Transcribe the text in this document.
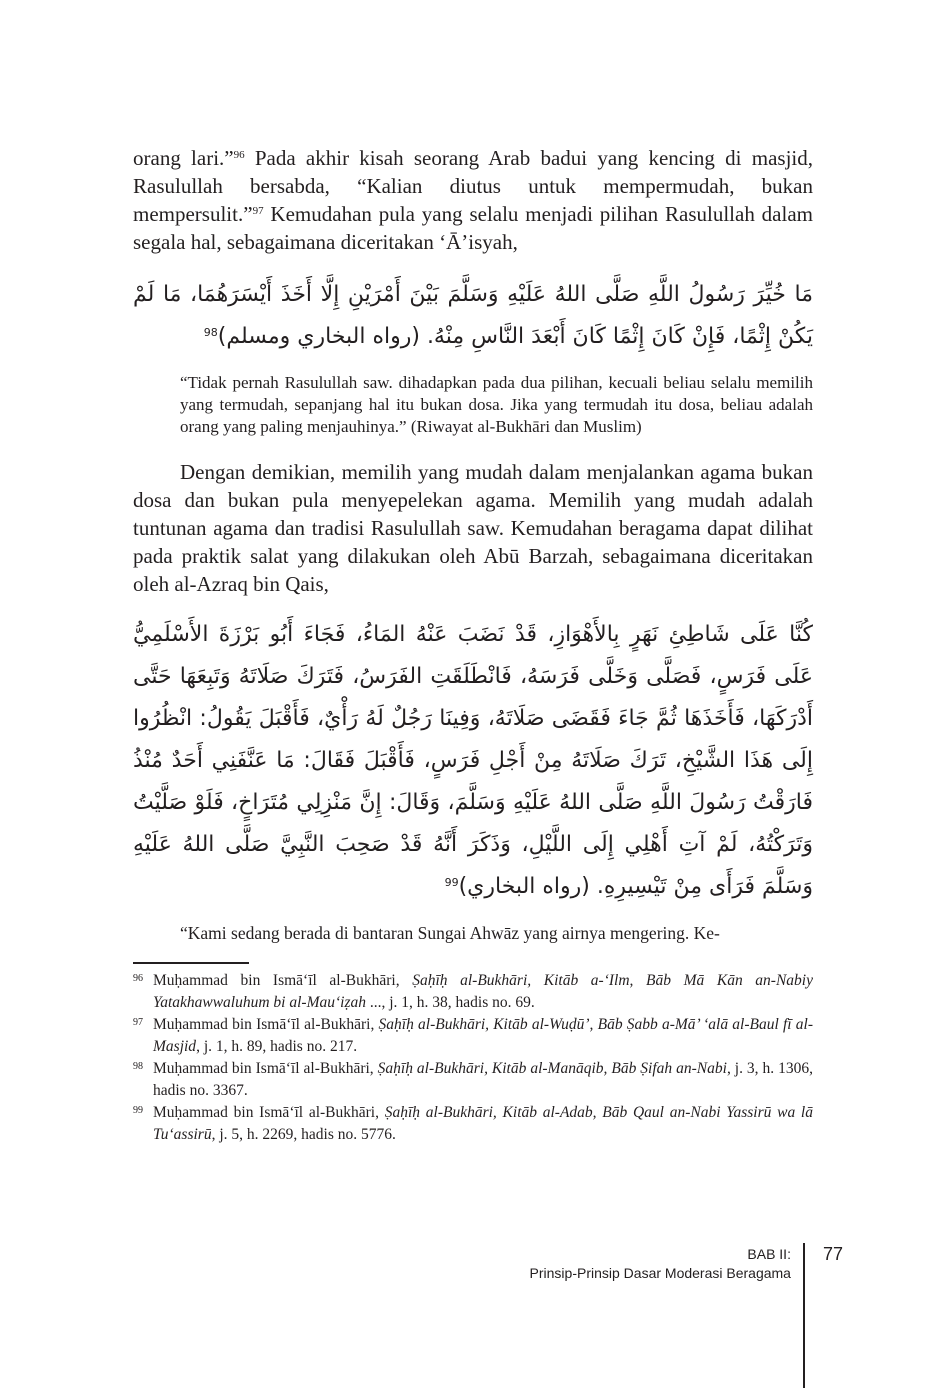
orang lari.”$^{96}$ Pada akhir kisah seorang Arab badui yang kencing di masjid, Rasulullah bersabda, “Kalian diutus untuk mempermudah, bukan mempersulit.”$^{97}$ Kemudahan pula yang selalu menjadi pilihan Rasulullah dalam segala hal, sebagaimana diceritakan ‘Ā’isyah,

مَا خُيِّرَ رَسُولُ اللَّهِ صَلَّى اللهُ عَلَيْهِ وَسَلَّمَ بَيْنَ أَمْرَيْنِ إِلَّا أَخَذَ أَيْسَرَهُمَا، مَا لَمْ يَكُنْ إِثْمًا، فَإِنْ كَانَ إِثْمًا كَانَ أَبْعَدَ النَّاسِ مِنْهُ. (رواه البخاري ومسلم)$^{98}$

“Tidak pernah Rasulullah saw. dihadapkan pada dua pilihan, kecuali beliau selalu memilih yang termudah, sepanjang hal itu bukan dosa. Jika yang termudah itu dosa, beliau adalah orang yang paling menjauhinya.” (Riwayat al-Bukhāri dan Muslim)

Dengan demikian, memilih yang mudah dalam menjalankan agama bukan dosa dan bukan pula menyepelekan agama. Memilih yang mudah adalah tuntunan agama dan tradisi Rasulullah saw. Kemudahan beragama dapat dilihat pada praktik salat yang dilakukan oleh Abū Barzah, sebagaimana diceritakan oleh al-Azraq bin Qais,

كُنَّا عَلَى شَاطِئِ نَهَرٍ بِالأَهْوَازِ، قَدْ نَضَبَ عَنْهُ المَاءُ، فَجَاءَ أَبُو بَرْزَةَ الأَسْلَمِيُّ عَلَى فَرَسٍ، فَصَلَّى وَخَلَّى فَرَسَهُ، فَانْطَلَقَتِ الفَرَسُ، فَتَرَكَ صَلَاتَهُ وَتَبِعَهَا حَتَّى أَدْرَكَهَا، فَأَخَذَهَا ثُمَّ جَاءَ فَقَضَى صَلَاتَهُ، وَفِينَا رَجُلٌ لَهُ رَأْيٌ، فَأَقْبَلَ يَقُولُ: انْظُرُوا إِلَى هَذَا الشَّيْخِ، تَرَكَ صَلَاتَهُ مِنْ أَجْلِ فَرَسٍ، فَأَقْبَلَ فَقَالَ: مَا عَنَّفَنِي أَحَدٌ مُنْذُ فَارَقْتُ رَسُولَ اللَّهِ صَلَّى اللهُ عَلَيْهِ وَسَلَّمَ، وَقَالَ: إِنَّ مَنْزِلِي مُتَرَاخٍ، فَلَوْ صَلَّيْتُ وَتَرَكْتُهُ، لَمْ آتِ أَهْلِي إِلَى اللَّيْلِ، وَذَكَرَ أَنَّهُ قَدْ صَحِبَ النَّبِيَّ صَلَّى اللهُ عَلَيْهِ وَسَلَّمَ فَرَأَى مِنْ تَيْسِيرِهِ. (رواه البخاري)$^{99}$

“Kami sedang berada di bantaran Sungai Ahwāz yang airnya mengering. Ke-
96 Muḥammad bin Ismā‘īl al-Bukhāri, Ṣaḥīḥ al-Bukhāri, Kitāb a-‘Ilm, Bāb Mā Kān an-Nabiy Yatakhawwaluhum bi al-Mau‘iẓah ..., j. 1, h. 38, hadis no. 69.
97 Muḥammad bin Ismā‘īl al-Bukhāri, Ṣaḥīḥ al-Bukhāri, Kitāb al-Wuḍū’, Bāb Ṣabb a-Mā’ ‘alā al-Baul fī al-Masjid, j. 1, h. 89, hadis no. 217.
98 Muḥammad bin Ismā‘īl al-Bukhāri, Ṣaḥīḥ al-Bukhāri, Kitāb al-Manāqib, Bāb Ṣifah an-Nabi, j. 3, h. 1306, hadis no. 3367.
99 Muḥammad bin Ismā‘īl al-Bukhāri, Ṣaḥīḥ al-Bukhāri, Kitāb al-Adab, Bāb Qaul an-Nabi Yassirū wa lā Tu‘assirū, j. 5, h. 2269, hadis no. 5776.
BAB II:
Prinsip-Prinsip Dasar Moderasi Beragama
77
